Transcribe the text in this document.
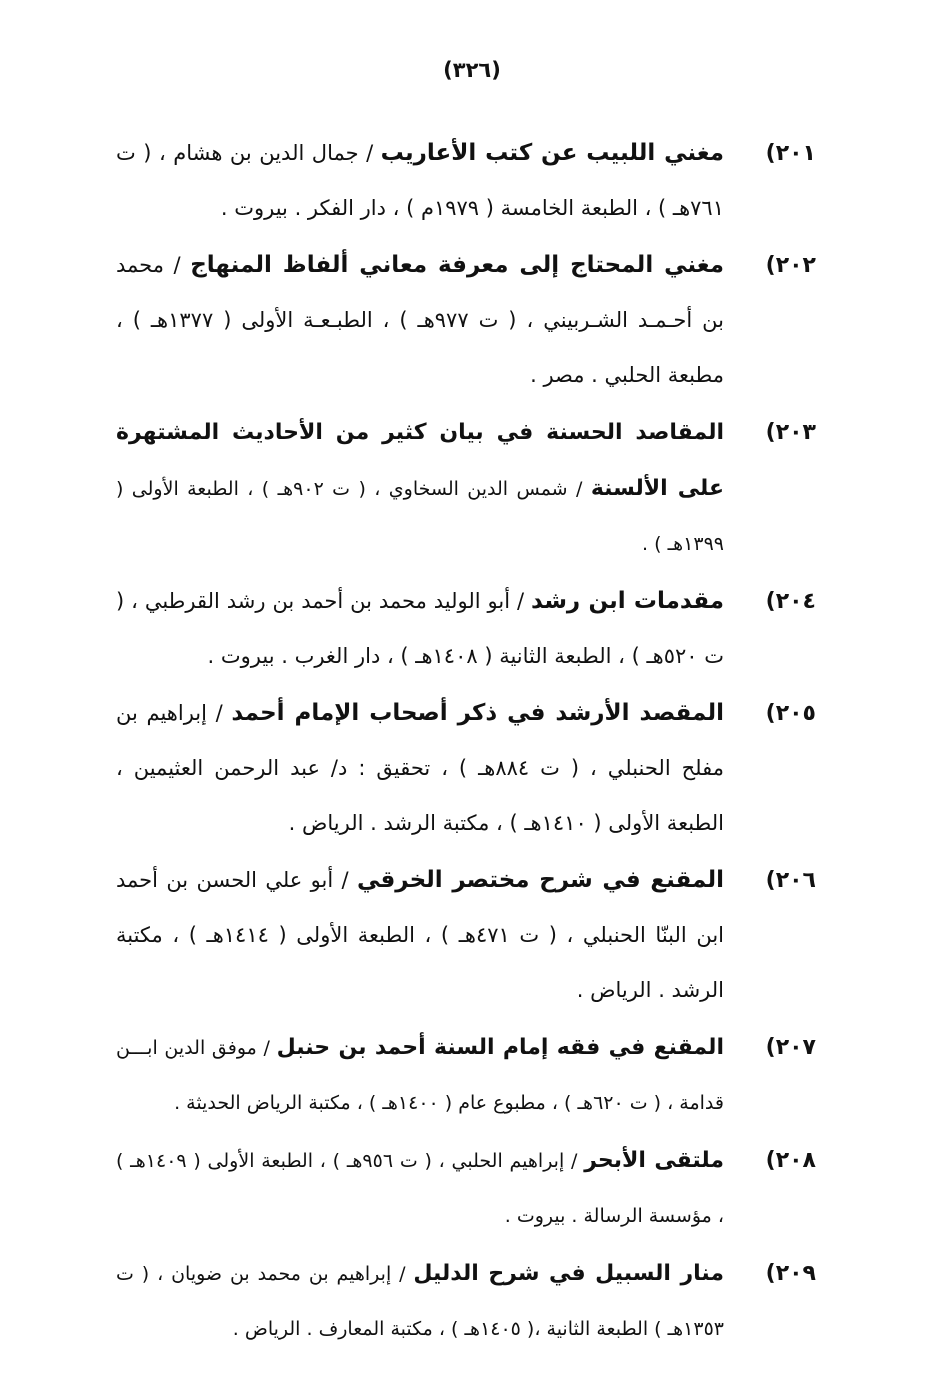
(٣٢٦)
٢٠١)
مغني اللبيب عن كتب الأعاريب / جمال الدين بن هشام ، ( ت ٧٦١هـ ) ، الطبعة الخامسة ( ١٩٧٩م ) ، دار الفكر . بيروت .
٢٠٢)
مغني المحتاج إلى معرفة معاني ألفاظ المنهاج / محمد بن أحـمـد الشـربيني ، ( ت ٩٧٧هـ ) ، الطبـعـة الأولى ( ١٣٧٧هـ ) ، مطبعة الحلبي . مصر .
٢٠٣)
المقاصد الحسنة في بيان كثير من الأحاديث المشتهرة على الألسنة / شمس الدين السخاوي ، ( ت ٩٠٢هـ ) ، الطبعة الأولى ( ١٣٩٩هـ ) .
٢٠٤)
مقدمات ابن رشد / أبو الوليد محمد بن أحمد بن رشد القرطبي ، ( ت ٥٢٠هـ ) ، الطبعة الثانية ( ١٤٠٨هـ ) ، دار الغرب . بيروت .
٢٠٥)
المقصد الأرشد في ذكر أصحاب الإمام أحمد / إبراهيم بن مفلح الحنبلي ، ( ت ٨٨٤هـ ) ، تحقيق : د/ عبد الرحمن العثيمين ، الطبعة الأولى ( ١٤١٠هـ ) ، مكتبة الرشد . الرياض .
٢٠٦)
المقنع في شرح مختصر الخرقي / أبو علي الحسن بن أحمد ابن البنّا الحنبلي ، ( ت ٤٧١هـ ) ، الطبعة الأولى ( ١٤١٤هـ ) ، مكتبة الرشد . الرياض .
٢٠٧)
المقنع في فقه إمام السنة أحمد بن حنبل / موفق الدين ابـــن قدامة ، ( ت ٦٢٠هـ ) ، مطبوع عام ( ١٤٠٠هـ ) ، مكتبة الرياض الحديثة .
٢٠٨)
ملتقى الأبحر / إبراهيم الحلبي ، ( ت ٩٥٦هـ ) ، الطبعة الأولى ( ١٤٠٩هـ ) ، مؤسسة الرسالة . بيروت .
٢٠٩)
منار السبيل في شرح الدليل / إبراهيم بن محمد بن ضويان ، ( ت ١٣٥٣هـ ) الطبعة الثانية ،( ١٤٠٥هـ ) ، مكتبة المعارف . الرياض .
